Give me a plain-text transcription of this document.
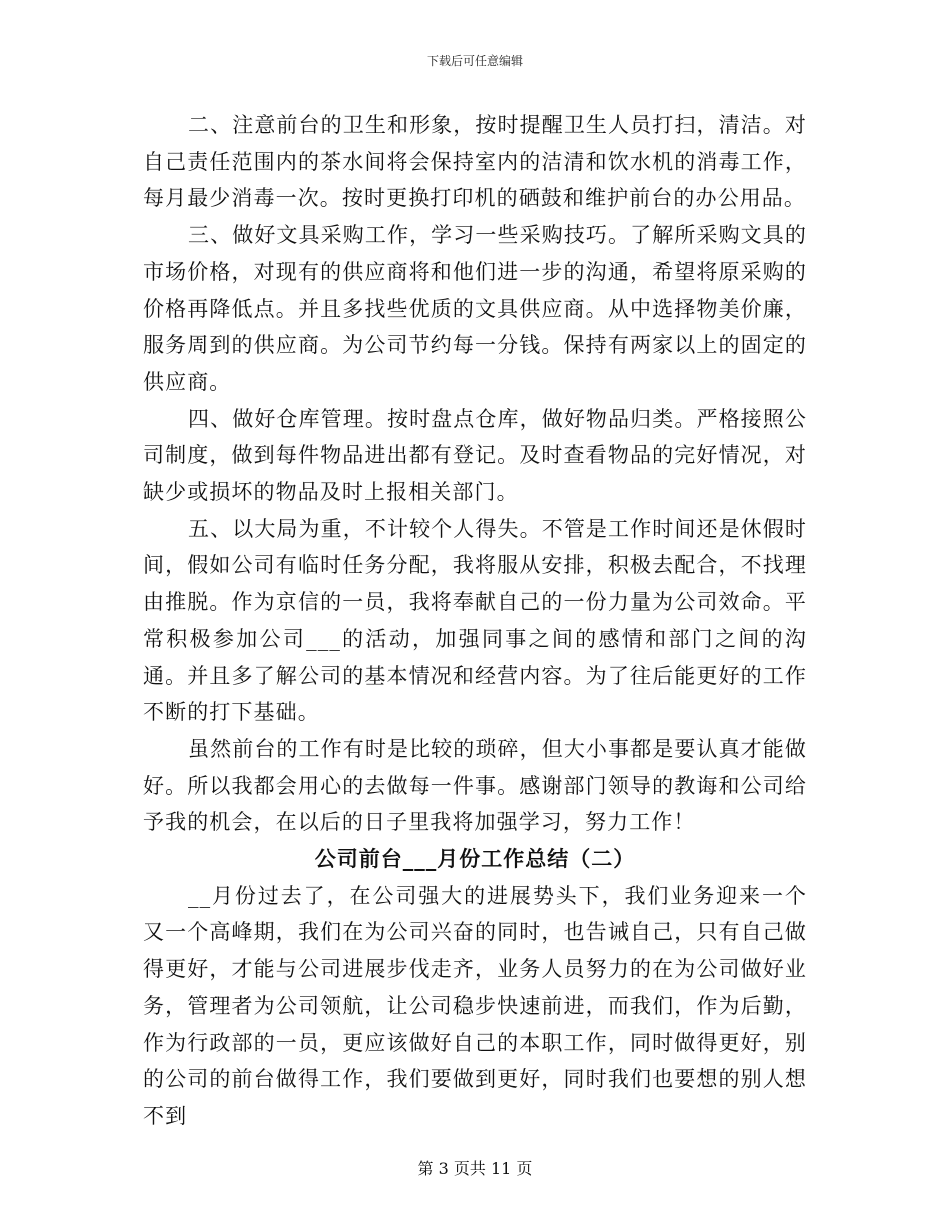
下载后可任意编辑

二、注意前台的卫生和形象，按时提醒卫生人员打扫，清洁。对自己责任范围内的茶水间将会保持室内的洁清和饮水机的消毒工作，每月最少消毒一次。按时更换打印机的硒鼓和维护前台的办公用品。

三、做好文具采购工作，学习一些采购技巧。了解所采购文具的市场价格，对现有的供应商将和他们进一步的沟通，希望将原采购的价格再降低点。并且多找些优质的文具供应商。从中选择物美价廉，服务周到的供应商。为公司节约每一分钱。保持有两家以上的固定的供应商。

四、做好仓库管理。按时盘点仓库，做好物品归类。严格接照公司制度，做到每件物品进出都有登记。及时查看物品的完好情况，对缺少或损坏的物品及时上报相关部门。

五、以大局为重，不计较个人得失。不管是工作时间还是休假时间，假如公司有临时任务分配，我将服从安排，积极去配合，不找理由推脱。作为京信的一员，我将奉献自己的一份力量为公司效命。平常积极参加公司___的活动，加强同事之间的感情和部门之间的沟通。并且多了解公司的基本情况和经营内容。为了往后能更好的工作不断的打下基础。

虽然前台的工作有时是比较的琐碎，但大小事都是要认真才能做好。所以我都会用心的去做每一件事。感谢部门领导的教诲和公司给予我的机会，在以后的日子里我将加强学习，努力工作！

公司前台___月份工作总结（二）

__月份过去了，在公司强大的进展势头下，我们业务迎来一个又一个高峰期，我们在为公司兴奋的同时，也告诫自己，只有自己做得更好，才能与公司进展步伐走齐，业务人员努力的在为公司做好业务，管理者为公司领航，让公司稳步快速前进，而我们，作为后勤，作为行政部的一员，更应该做好自己的本职工作，同时做得更好，别的公司的前台做得工作，我们要做到更好，同时我们也要想的别人想不到

第 3 页共 11 页
